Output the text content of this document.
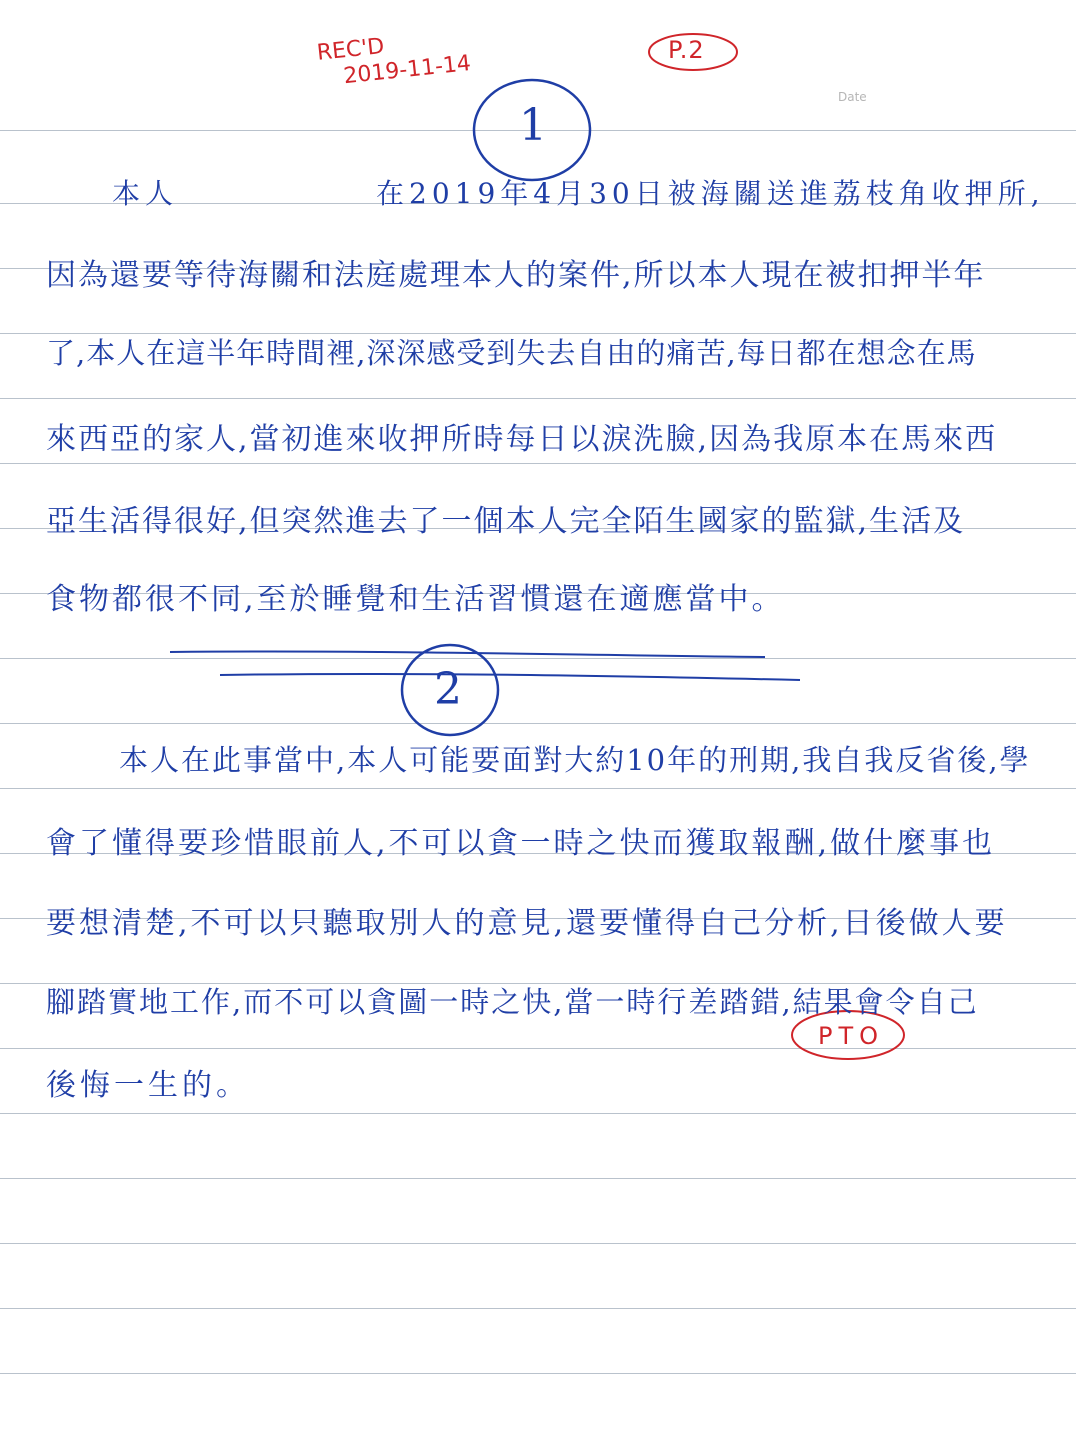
Date
REC'D
2019-11-14
P.2
1
2
本人　　　　　　在2019年4月30日被海關送進荔枝角收押所,
因為還要等待海關和法庭處理本人的案件,所以本人現在被扣押半年
了,本人在這半年時間裡,深深感受到失去自由的痛苦,每日都在想念在馬
來西亞的家人,當初進來收押所時每日以淚洗臉,因為我原本在馬來西
亞生活得很好,但突然進去了一個本人完全陌生國家的監獄,生活及
食物都很不同,至於睡覺和生活習慣還在適應當中。
　本人在此事當中,本人可能要面對大約10年的刑期,我自我反省後,學
會了懂得要珍惜眼前人,不可以貪一時之快而獲取報酬,做什麼事也
要想清楚,不可以只聽取別人的意見,還要懂得自己分析,日後做人要
腳踏實地工作,而不可以貪圖一時之快,當一時行差踏錯,結果會令自己
後悔一生的。
PTO
